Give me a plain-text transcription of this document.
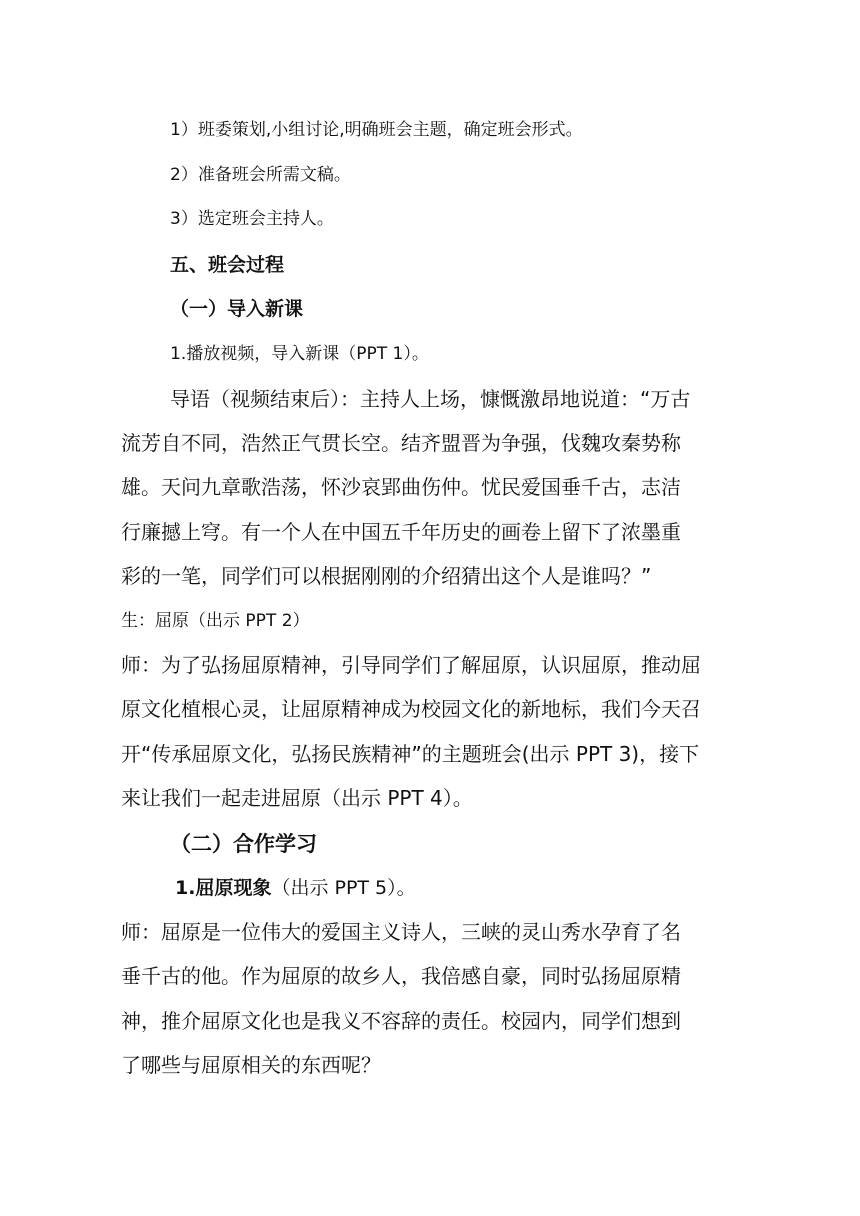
1）班委策划,小组讨论,明确班会主题，确定班会形式。
2）准备班会所需文稿。
3）选定班会主持人。
五、班会过程
（一）导入新课
1.播放视频，导入新课（PPT 1）。
导语（视频结束后）：主持人上场，慷慨激昂地说道：“万古
流芳自不同，浩然正气贯长空。结齐盟晋为争强，伐魏攻秦势称
雄。天问九章歌浩荡，怀沙哀郢曲伤仲。忧民爱国垂千古，志洁
行廉撼上穹。有一个人在中国五千年历史的画卷上留下了浓墨重
彩的一笔，同学们可以根据刚刚的介绍猜出这个人是谁吗？”
生：屈原（出示 PPT 2）
师：为了弘扬屈原精神，引导同学们了解屈原，认识屈原，推动屈
原文化植根心灵，让屈原精神成为校园文化的新地标，我们今天召
开“传承屈原文化，弘扬民族精神”的主题班会(出示 PPT 3)，接下
来让我们一起走进屈原（出示 PPT 4）。
（二）合作学习
1.屈原现象（出示 PPT 5）。
师：屈原是一位伟大的爱国主义诗人，三峡的灵山秀水孕育了名
垂千古的他。作为屈原的故乡人，我倍感自豪，同时弘扬屈原精
神，推介屈原文化也是我义不容辞的责任。校园内，同学们想到
了哪些与屈原相关的东西呢？
